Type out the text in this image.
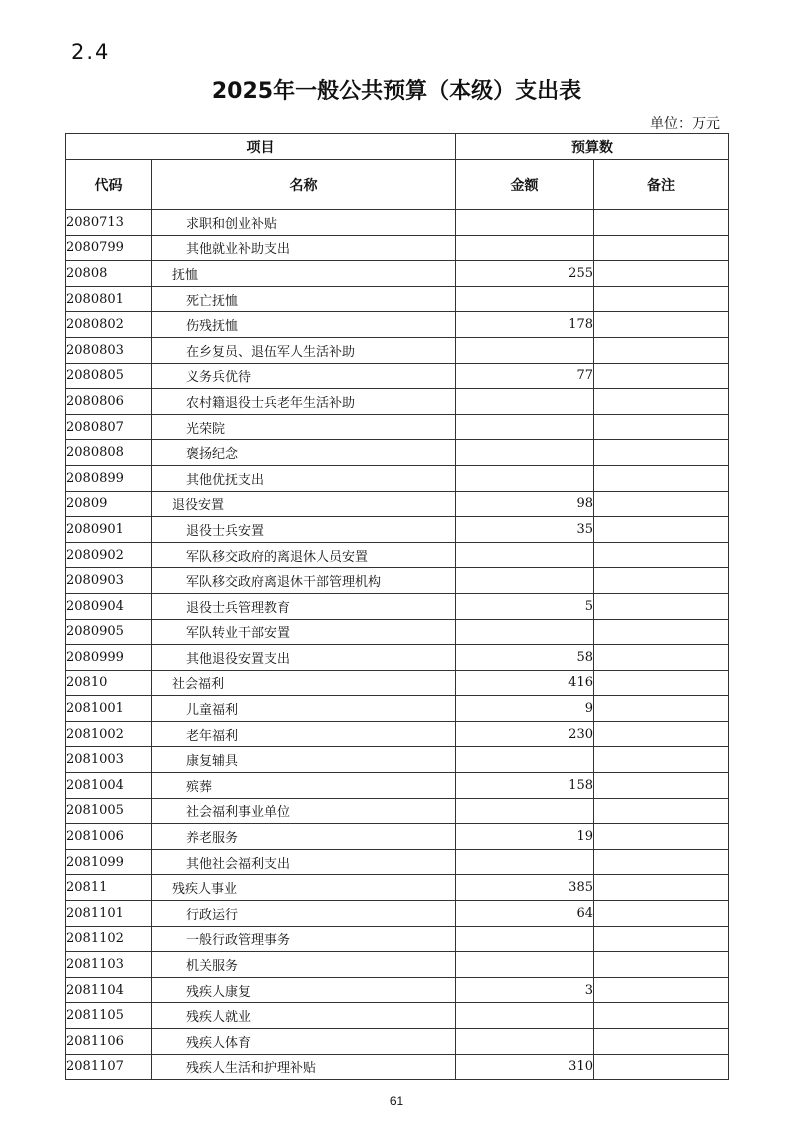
2.4
2025年一般公共预算（本级）支出表
单位：万元
项目		预算数	
代码	名称	金额	备注
2080713	求职和创业补贴		
2080799	其他就业补助支出		
20808	抚恤	255	
2080801	死亡抚恤		
2080802	伤残抚恤	178	
2080803	在乡复员、退伍军人生活补助		
2080805	义务兵优待	77	
2080806	农村籍退役士兵老年生活补助		
2080807	光荣院		
2080808	褒扬纪念		
2080899	其他优抚支出		
20809	退役安置	98	
2080901	退役士兵安置	35	
2080902	军队移交政府的离退休人员安置		
2080903	军队移交政府离退休干部管理机构		
2080904	退役士兵管理教育	5	
2080905	军队转业干部安置		
2080999	其他退役安置支出	58	
20810	社会福利	416	
2081001	儿童福利	9	
2081002	老年福利	230	
2081003	康复辅具		
2081004	殡葬	158	
2081005	社会福利事业单位		
2081006	养老服务	19	
2081099	其他社会福利支出		
20811	残疾人事业	385	
2081101	行政运行	64	
2081102	一般行政管理事务		
2081103	机关服务		
2081104	残疾人康复	3	
2081105	残疾人就业		
2081106	残疾人体育		
2081107	残疾人生活和护理补贴	310	
61
